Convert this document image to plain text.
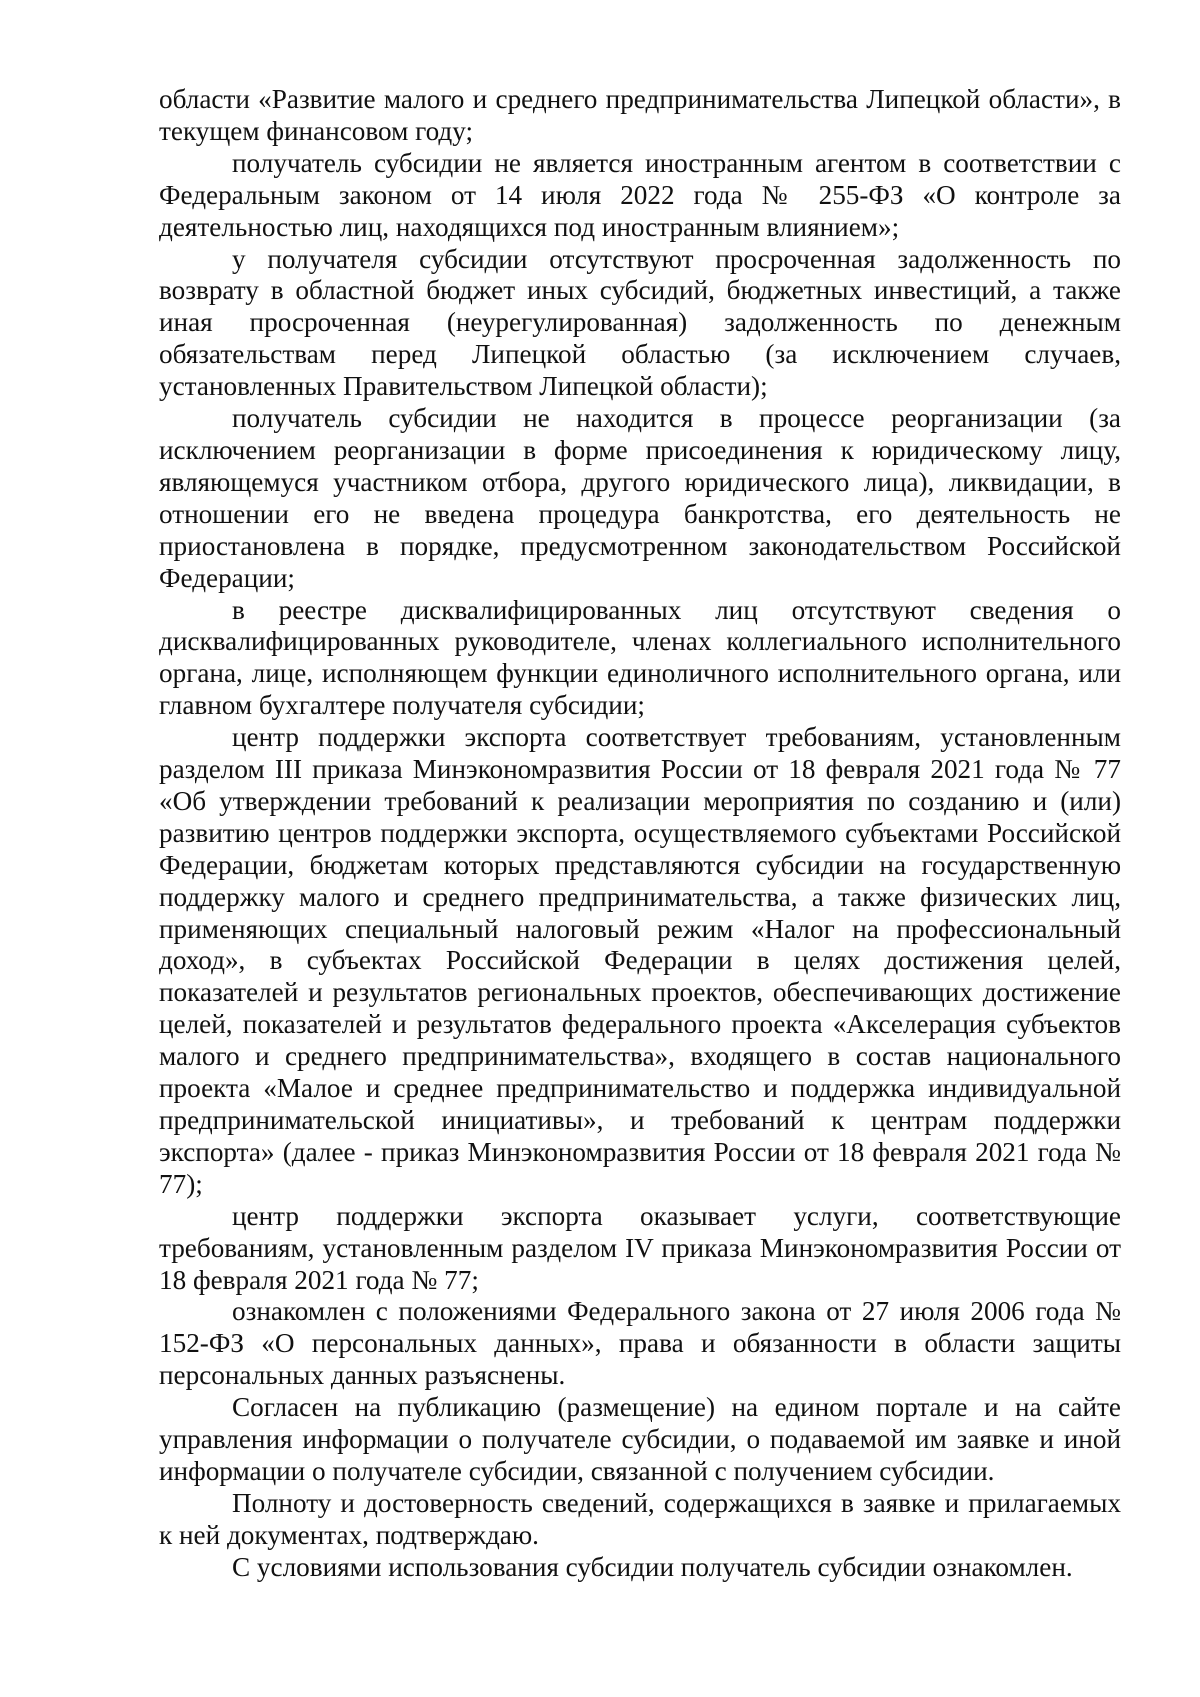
области «Развитие малого и среднего предпринимательства Липецкой области», в текущем финансовом году;

получатель субсидии не является иностранным агентом в соответствии с Федеральным законом от 14 июля 2022 года № 255-ФЗ «О контроле за деятельностью лиц, находящихся под иностранным влиянием»;

у получателя субсидии отсутствуют просроченная задолженность по возврату в областной бюджет иных субсидий, бюджетных инвестиций, а также иная просроченная (неурегулированная) задолженность по денежным обязательствам перед Липецкой областью (за исключением случаев, установленных Правительством Липецкой области);

получатель субсидии не находится в процессе реорганизации (за исключением реорганизации в форме присоединения к юридическому лицу, являющемуся участником отбора, другого юридического лица), ликвидации, в отношении его не введена процедура банкротства, его деятельность не приостановлена в порядке, предусмотренном законодательством Российской Федерации;

в реестре дисквалифицированных лиц отсутствуют сведения о дисквалифицированных руководителе, членах коллегиального исполнительного органа, лице, исполняющем функции единоличного исполнительного органа, или главном бухгалтере получателя субсидии;

центр поддержки экспорта соответствует требованиям, установленным разделом III приказа Минэкономразвития России от 18 февраля 2021 года № 77 «Об утверждении требований к реализации мероприятия по созданию и (или) развитию центров поддержки экспорта, осуществляемого субъектами Российской Федерации, бюджетам которых представляются субсидии на государственную поддержку малого и среднего предпринимательства, а также физических лиц, применяющих специальный налоговый режим «Налог на профессиональный доход», в субъектах Российской Федерации в целях достижения целей, показателей и результатов региональных проектов, обеспечивающих достижение целей, показателей и результатов федерального проекта «Акселерация субъектов малого и среднего предпринимательства», входящего в состав национального проекта «Малое и среднее предпринимательство и поддержка индивидуальной предпринимательской инициативы», и требований к центрам поддержки экспорта» (далее - приказ Минэкономразвития России от 18 февраля 2021 года № 77);

центр поддержки экспорта оказывает услуги, соответствующие требованиям, установленным разделом IV приказа Минэкономразвития России от 18 февраля 2021 года № 77;

ознакомлен с положениями Федерального закона от 27 июля 2006 года № 152-ФЗ «О персональных данных», права и обязанности в области защиты персональных данных разъяснены.

Согласен на публикацию (размещение) на едином портале и на сайте управления информации о получателе субсидии, о подаваемой им заявке и иной информации о получателе субсидии, связанной с получением субсидии.

Полноту и достоверность сведений, содержащихся в заявке и прилагаемых к ней документах, подтверждаю.

С условиями использования субсидии получатель субсидии ознакомлен.
